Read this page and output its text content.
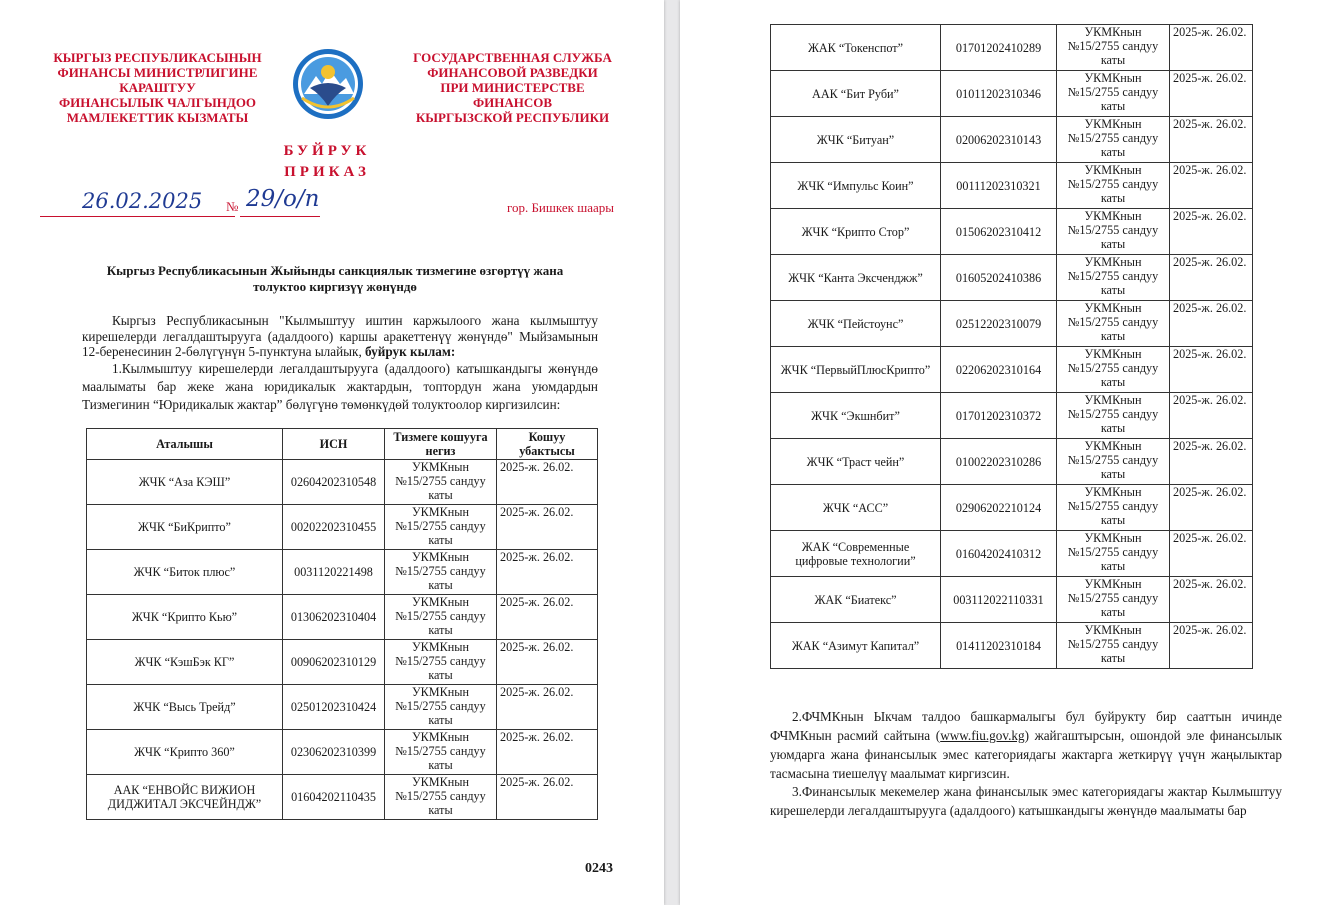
КЫРГЫЗ РЕСПУБЛИКАСЫНЫН
ФИНАНСЫ МИНИСТРЛИГИНЕ
КАРАШТУУ
ФИНАНСЫЛЫК ЧАЛГЫНДОО
МАМЛЕКЕТТИК КЫЗМАТЫ
ГОСУДАРСТВЕННАЯ СЛУЖБА
ФИНАНСОВОЙ РАЗВЕДКИ
ПРИ МИНИСТЕРСТВЕ
ФИНАНСОВ
КЫРГЫЗСКОЙ РЕСПУБЛИКИ
БУЙРУК
ПРИКАЗ
26.02.2025 № 29/о/п	гор. Бишкек шаары
Кыргыз Республикасынын Жыйынды санкциялык тизмегине өзгөртүү жана толуктоо киргизүү жөнүндө
Кыргыз Республикасынын "Кылмыштуу иштин каржылоого жана кылмыштуу кирешелерди легалдаштырууга (адалдоого) каршы аракеттенүү жөнүндө" Мыйзамынын 12-беренесинин 2-бөлүгүнүн 5-пунктуна ылайык, буйрук кылам:
1.Кылмыштуу кирешелерди легалдаштырууга (адалдоого) катышкандыгы жөнүндө маалыматы бар жеке жана юридикалык жактардын, топтордун жана уюмдардын Тизмегинин “Юридикалык жактар” бөлүгүнө төмөнкүдөй толуктоолор киргизилсин:
Аталышы	ИСН	Тизмеге кошууга негиз	Кошуу убактысы
ЖЧК “Аза КЭШ”	02604202310548	УКМКнын №15/2755 сандуу каты	2025-ж. 26.02.
ЖЧК “БиКрипто”	00202202310455	УКМКнын №15/2755 сандуу каты	2025-ж. 26.02.
ЖЧК “Биток плюс”	0031120221498	УКМКнын №15/2755 сандуу каты	2025-ж. 26.02.
ЖЧК “Крипто Кью”	01306202310404	УКМКнын №15/2755 сандуу каты	2025-ж. 26.02.
ЖЧК “КэшБэк КГ”	00906202310129	УКМКнын №15/2755 сандуу каты	2025-ж. 26.02.
ЖЧК “Высь Трейд”	02501202310424	УКМКнын №15/2755 сандуу каты	2025-ж. 26.02.
ЖЧК “Крипто 360”	02306202310399	УКМКнын №15/2755 сандуу каты	2025-ж. 26.02.
ААК “ЕНВОЙС ВИЖИОН ДИДЖИТАЛ ЭКСЧЕЙНДЖ”	01604202110435	УКМКнын №15/2755 сандуу каты	2025-ж. 26.02.
0243
ЖАК “Токенспот”	01701202410289	УКМКнын №15/2755 сандуу каты	2025-ж. 26.02.
ААК “Бит Руби”	01011202310346	УКМКнын №15/2755 сандуу каты	2025-ж. 26.02.
ЖЧК “Битуан”	02006202310143	УКМКнын №15/2755 сандуу каты	2025-ж. 26.02.
ЖЧК “Импульс Коин”	00111202310321	УКМКнын №15/2755 сандуу каты	2025-ж. 26.02.
ЖЧК “Крипто Стор”	01506202310412	УКМКнын №15/2755 сандуу каты	2025-ж. 26.02.
ЖЧК “Канта Эксченджж”	01605202410386	УКМКнын №15/2755 сандуу каты	2025-ж. 26.02.
ЖЧК “Пейстоунс”	02512202310079	УКМКнын №15/2755 сандуу каты	2025-ж. 26.02.
ЖЧК “ПервыйПлюсКрипто”	02206202310164	УКМКнын №15/2755 сандуу каты	2025-ж. 26.02.
ЖЧК “Экшнбит”	01701202310372	УКМКнын №15/2755 сандуу каты	2025-ж. 26.02.
ЖЧК “Траст чейн”	01002202310286	УКМКнын №15/2755 сандуу каты	2025-ж. 26.02.
ЖЧК “АСС”	02906202210124	УКМКнын №15/2755 сандуу каты	2025-ж. 26.02.
ЖАК “Современные цифровые технологии”	01604202410312	УКМКнын №15/2755 сандуу каты	2025-ж. 26.02.
ЖАК “Биатекс”	003112022110331	УКМКнын №15/2755 сандуу каты	2025-ж. 26.02.
ЖАК “Азимут Капитал”	01411202310184	УКМКнын №15/2755 сандуу каты	2025-ж. 26.02.
2.ФЧМКнын Ыкчам талдоо башкармалыгы бул буйрукту бир сааттын ичинде ФЧМКнын расмий сайтына (www.fiu.gov.kg) жайгаштырсын, ошондой эле финансылык уюмдарга жана финансылык эмес категориядагы жактарга жеткирүү үчүн жаңылыктар тасмасына тиешелүү маалымат киргизсин.
3.Финансылык мекемелер жана финансылык эмес категориядагы жактар Кылмыштуу кирешелерди легалдаштырууга (адалдоого) катышкандыгы жөнүндө маалыматы бар
